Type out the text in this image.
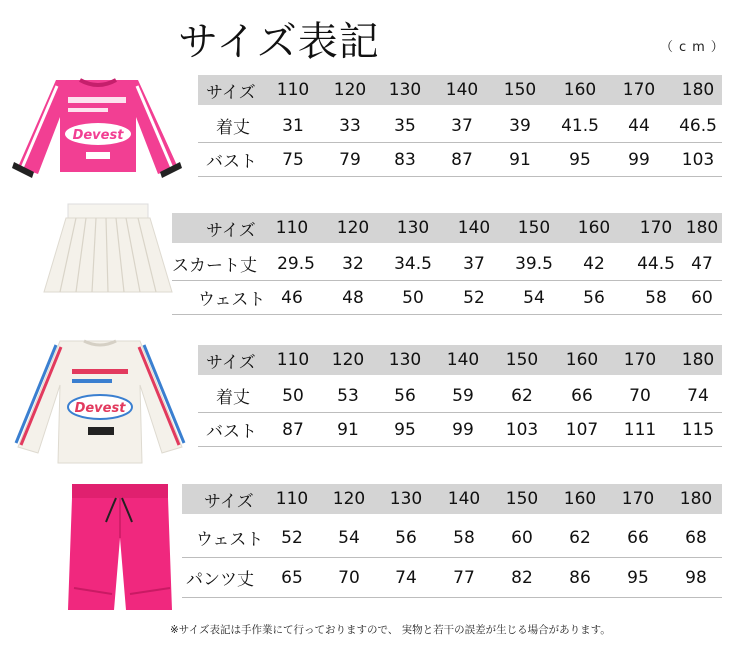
サイズ表記	（cm）
Devest
Devest
サイズ	110	120	130	140	150	160	170	180
着丈	31	33	35	37	39	41.5	44	46.5
バスト	75	79	83	87	91	95	99	103
サイズ	110	120	130	140	150	160	170 180
スカート丈	29.5	32	34.5	37	39.5	42	44.5 47
ウェスト 46	48	50	52	54	56	58	60
サイズ	110	120	130	140	150	160	170	180
着丈	50	53	56	59	62	66	70	74
バスト	87	91	95	99	103	107	111	115
サイズ	110	120	130	140	150	160	170	180
ウェスト	52	54	56	58	60	62	66	68
パンツ丈	65	70	74	77	82	86	95	98
※サイズ表記は手作業にて行っておりますので、 実物と若干の誤差が生じる場合があります。
